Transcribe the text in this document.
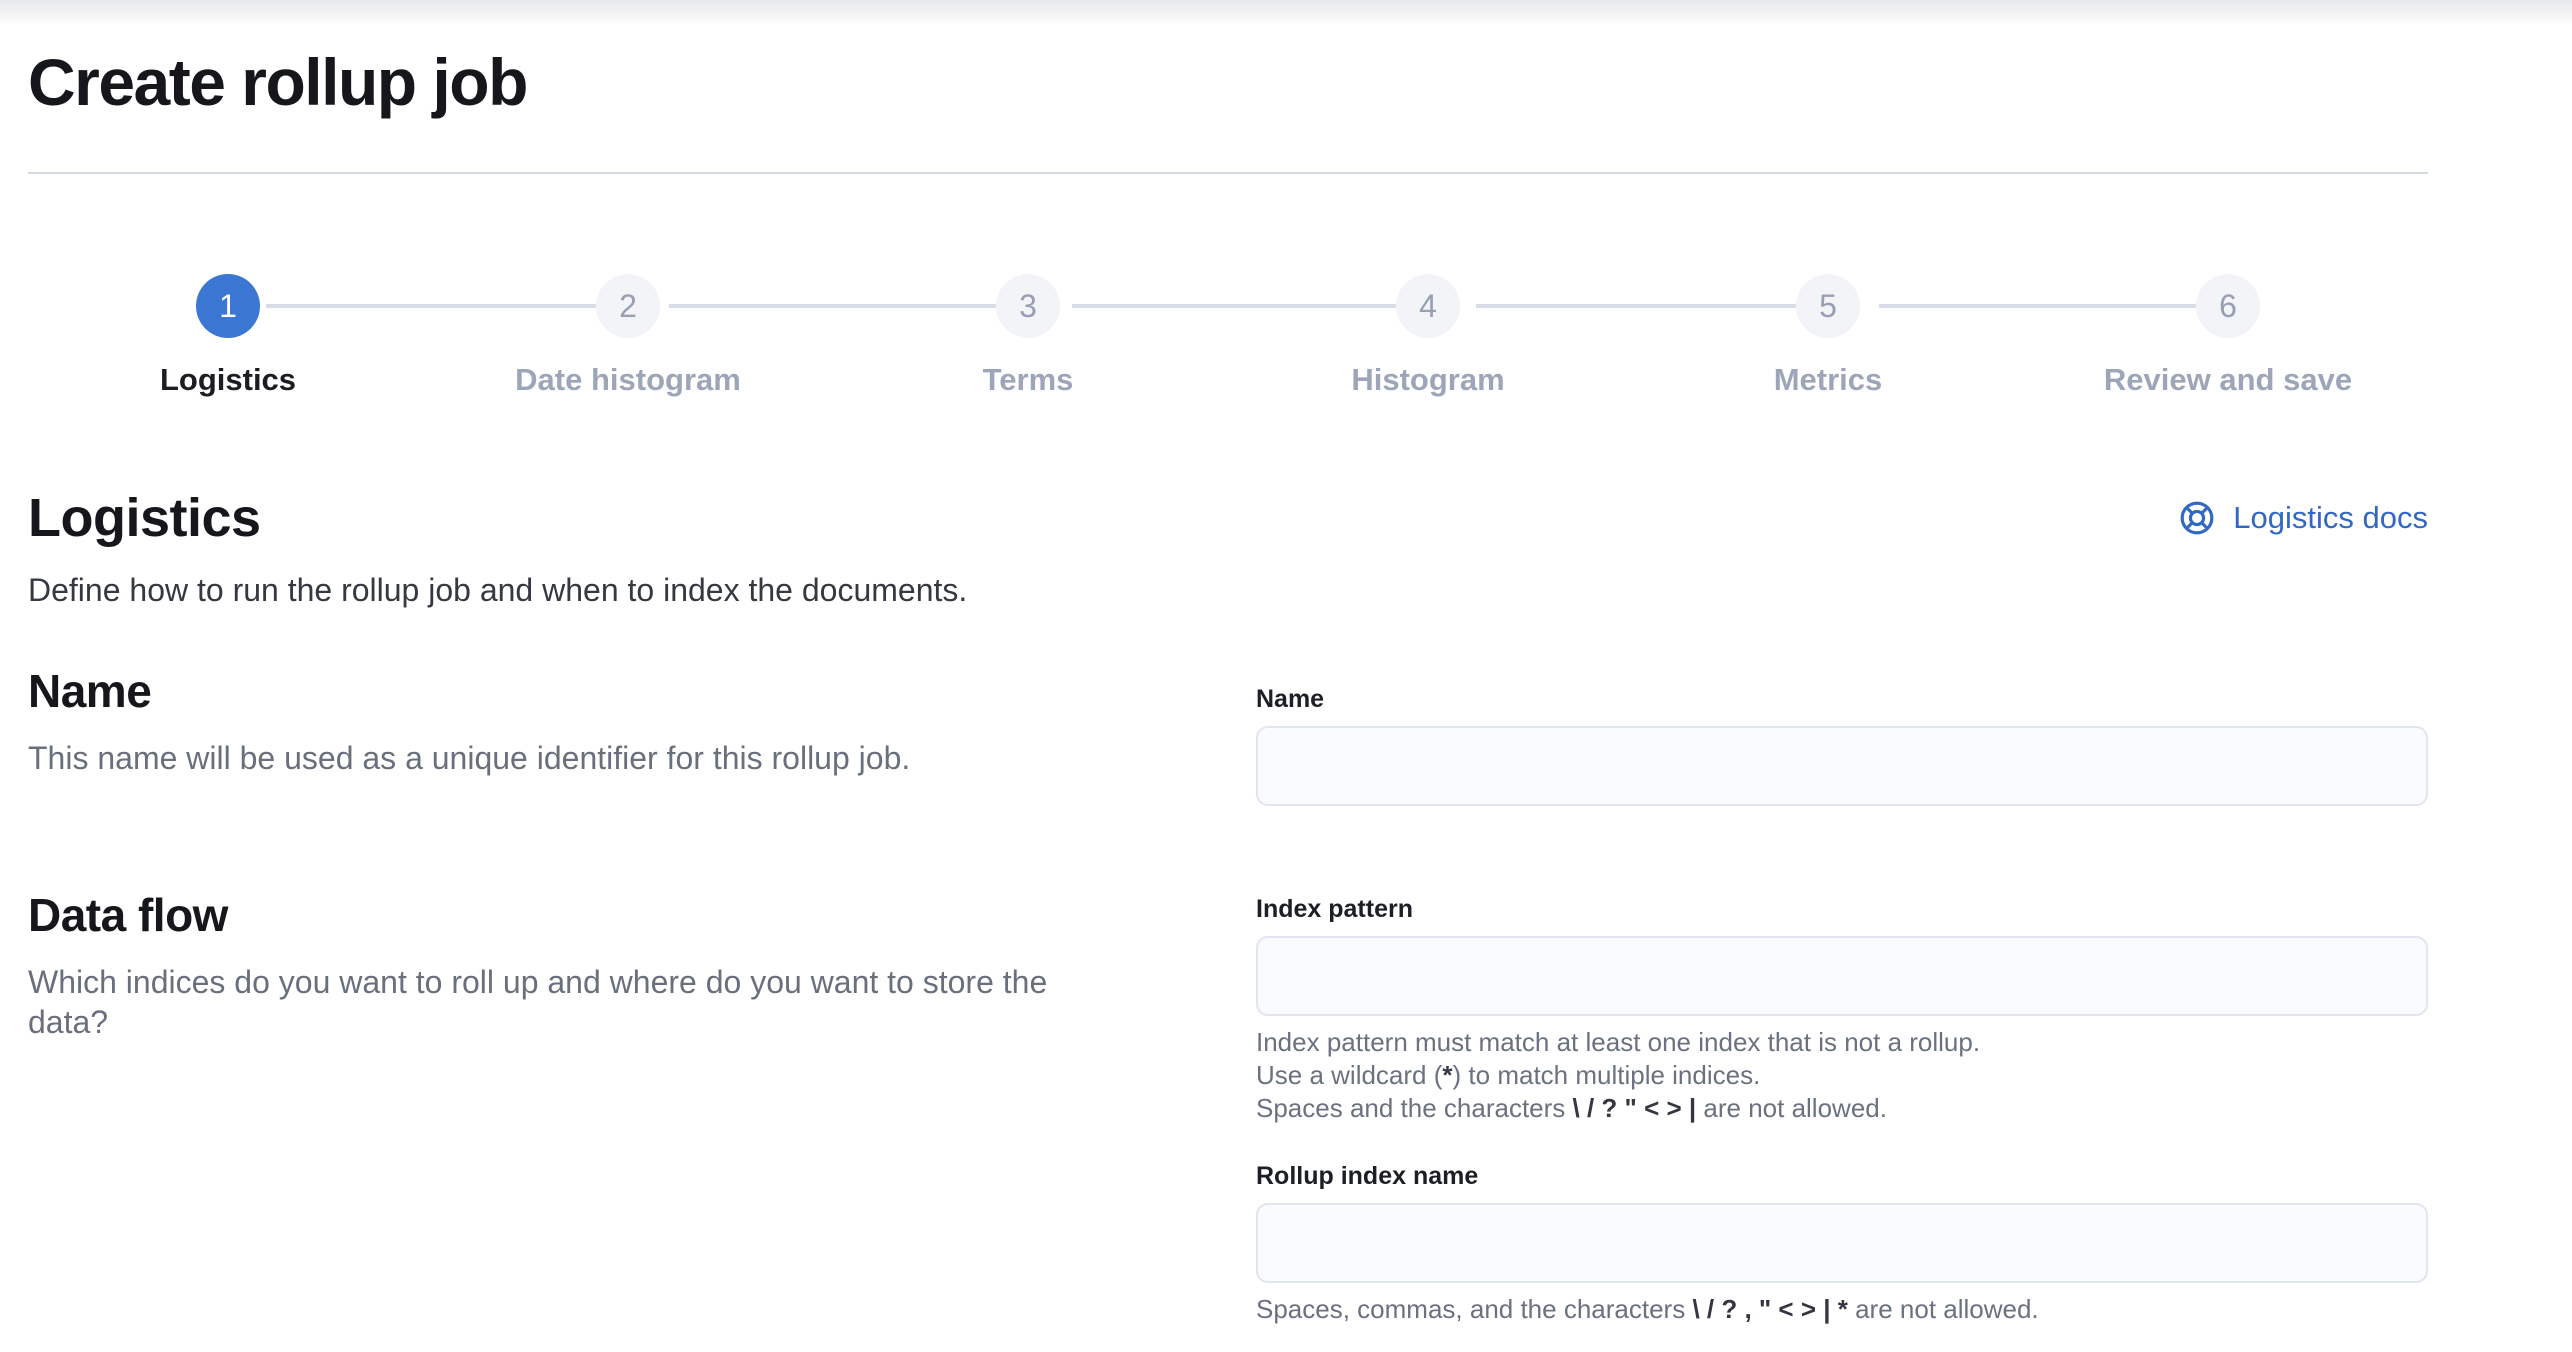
Create rollup job
1
Logistics
2
Date histogram
3
Terms
4
Histogram
5
Metrics
6
Review and save
Logistics	Logistics docs

Define how to run the rollup job and when to index the documents.

Name

This name will be used as a unique identifier for this rollup job.

Name
Data flow

Which indices do you want to roll up and where do you want to store the data?

Index pattern

Index pattern must match at least one index that is not a rollup.

Use a wildcard (*) to match multiple indices.

Spaces and the characters \ / ? " < > | are not allowed.

Rollup index name

Spaces, commas, and the characters \ / ? , " < > | * are not allowed.
